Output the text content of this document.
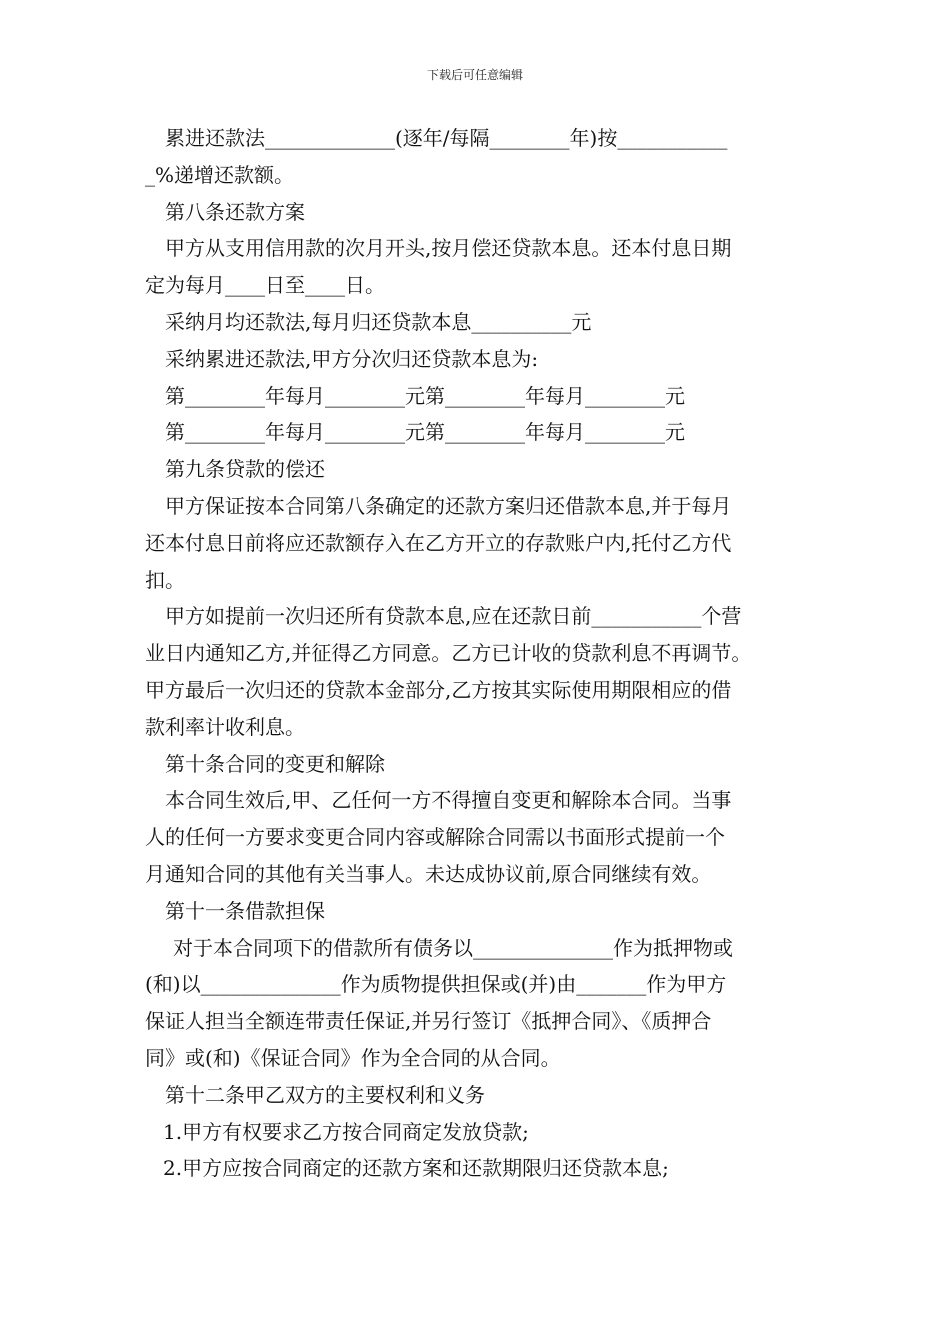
下载后可任意编辑
累进还款法_____________(逐年/每隔________年)按___________
_%递增还款额。
第八条还款方案
甲方从支用信用款的次月开头,按月偿还贷款本息。还本付息日期
定为每月____日至____日。
采纳月均还款法,每月归还贷款本息__________元
采纳累进还款法,甲方分次归还贷款本息为:
第________年每月________元第________年每月________元
第________年每月________元第________年每月________元
第九条贷款的偿还
甲方保证按本合同第八条确定的还款方案归还借款本息,并于每月
还本付息日前将应还款额存入在乙方开立的存款账户内,托付乙方代
扣。
甲方如提前一次归还所有贷款本息,应在还款日前___________个营
业日内通知乙方,并征得乙方同意。乙方已计收的贷款利息不再调节。
甲方最后一次归还的贷款本金部分,乙方按其实际使用期限相应的借
款利率计收利息。
第十条合同的变更和解除
本合同生效后,甲、乙任何一方不得擅自变更和解除本合同。当事
人的任何一方要求变更合同内容或解除合同需以书面形式提前一个
月通知合同的其他有关当事人。未达成协议前,原合同继续有效。
第十一条借款担保
对于本合同项下的借款所有债务以______________作为抵押物或
(和)以______________作为质物提供担保或(并)由_______作为甲方
保证人担当全额连带责任保证,并另行签订《抵押合同》、《质押合
同》或(和)《保证合同》作为全合同的从合同。
第十二条甲乙双方的主要权利和义务
1.甲方有权要求乙方按合同商定发放贷款;
2.甲方应按合同商定的还款方案和还款期限归还贷款本息;
